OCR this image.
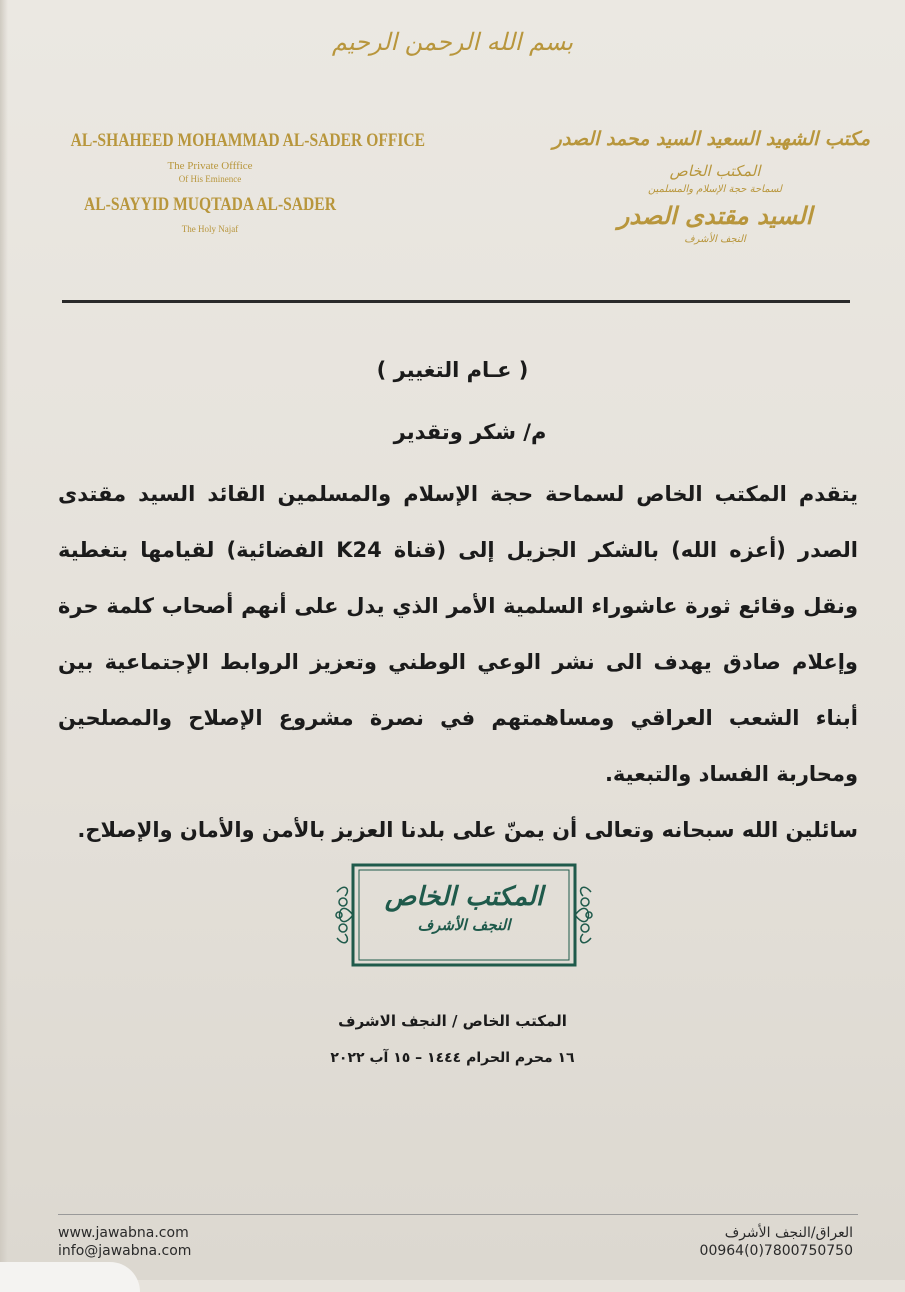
بسم الله الرحمن الرحيم
AL-SHAHEED MOHAMMAD AL-SADER OFFICE
The Private Offfice
Of His Eminence
AL-SAYYID MUQTADA AL-SADER
The Holy Najaf
مكتب الشهيد السعيد السيد محمد الصدر
المكتب الخاص
لسماحة حجة الإسلام والمسلمين
السيد مقتدى الصدر
النجف الأشرف
( عـام التغيير )
م/ شكر وتقدير

يتقدم المكتب الخاص لسماحة حجة الإسلام والمسلمين القائد السيد مقتدى الصدر (أعزه الله) بالشكر الجزيل إلى (قناة K24 الفضائية) لقيامها بتغطية ونقل وقائع ثورة عاشوراء السلمية الأمر الذي يدل على أنهم أصحاب كلمة حرة وإعلام صادق يهدف الى نشر الوعي الوطني وتعزيز الروابط الإجتماعية بين أبناء الشعب العراقي ومساهمتهم في نصرة مشروع الإصلاح والمصلحين ومحاربة الفساد والتبعية.

سائلين الله سبحانه وتعالى أن يمنّ على بلدنا العزيز بالأمن والأمان والإصلاح.

المكتب الخاص
النجف الأشرف
المكتب الخاص / النجف الاشرف
١٦ محرم الحرام ١٤٤٤ – ١٥ آب ٢٠٢٢
www.jawabna.com
info@jawabna.com
العراق/النجف الأشرف
00964(0)7800750750
